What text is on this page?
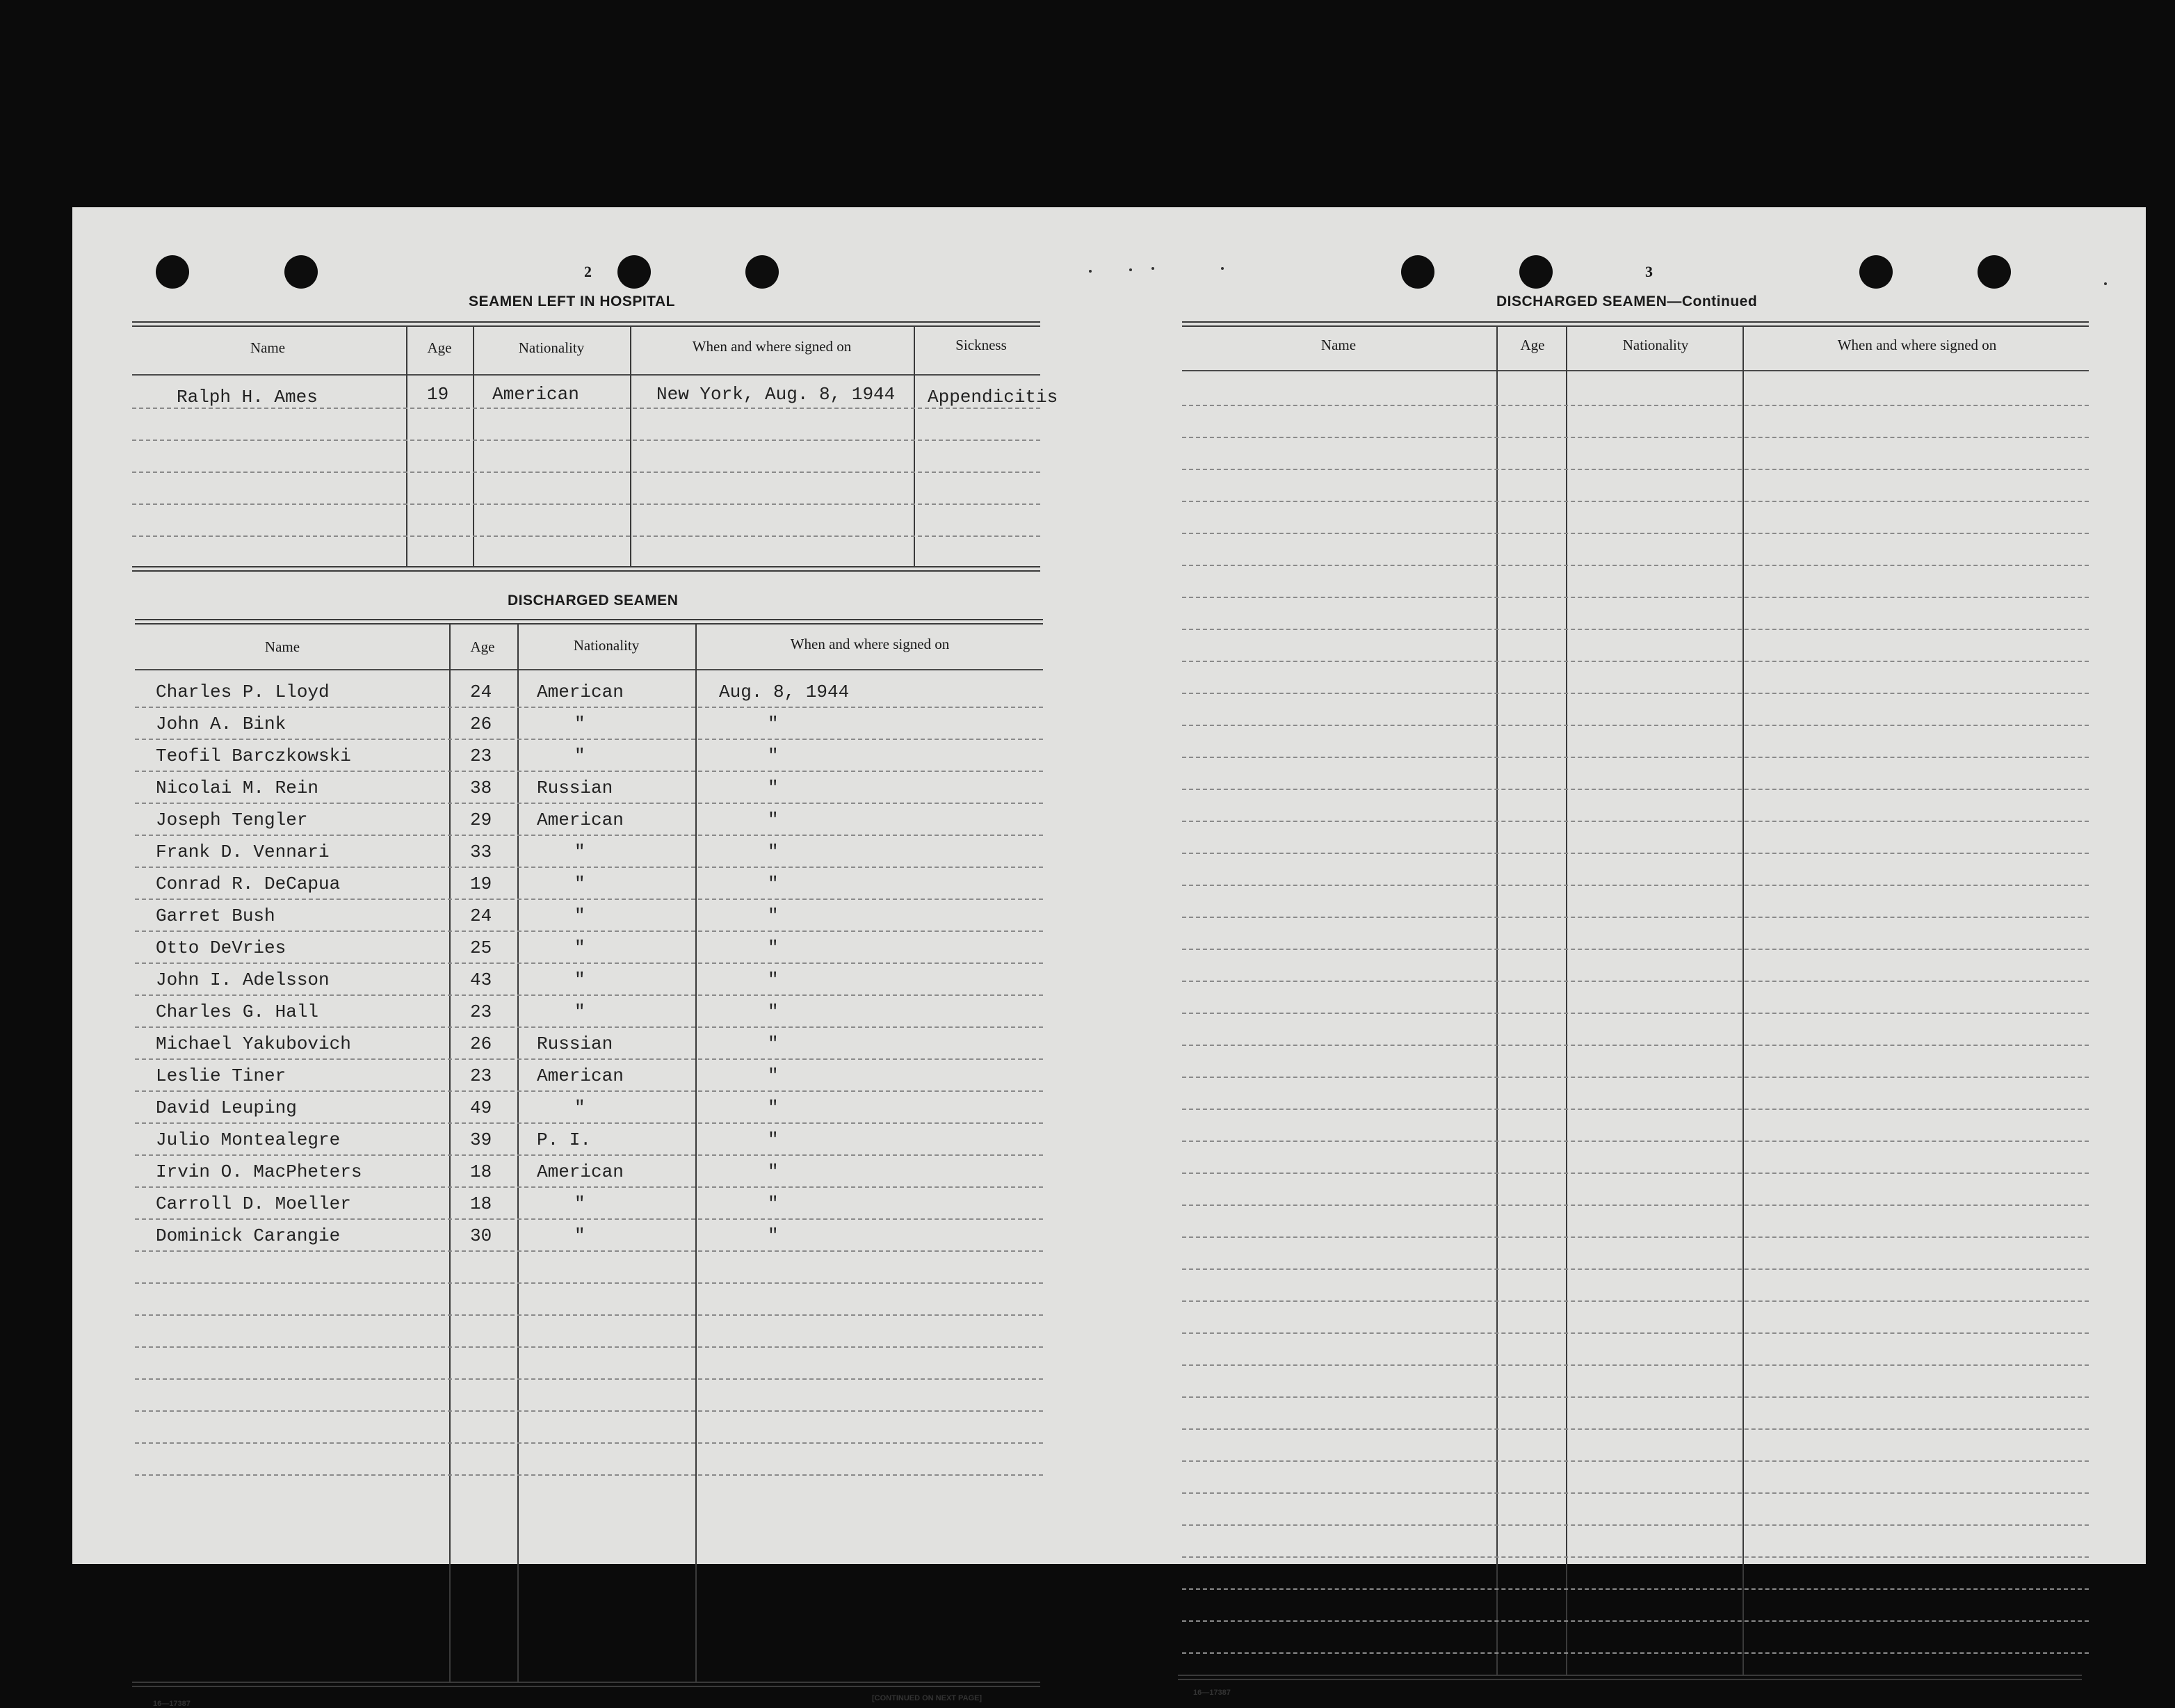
2
SEAMEN LEFT IN HOSPITAL
Name	Age	Nationality	When and where signed on	Sickness
Ralph H. Ames	19 American	New York, Aug. 8, 1944 Appendicitis
DISCHARGED SEAMEN
Name	Age	Nationality	When and where signed on
Charles P. Lloyd	24 American	Aug. 8, 1944
John A. Bink	26	"	"
Teofil Barczkowski	23	"	"
Nicolai M. Rein	38 Russian	"
Joseph Tengler	29 American	"
Frank D. Vennari	33	"	"
Conrad R. DeCapua	19	"	"
Garret Bush	24	"	"
Otto DeVries	25	"	"
John I. Adelsson	43	"	"
Charles G. Hall	23	"	"
Michael Yakubovich	26 Russian	"
Leslie Tiner	23 American	"
David Leuping	49	"	"
Julio Montealegre	39 P. I.	"
Irvin O. MacPheters	18 American	"
Carroll D. Moeller	18	"	"
Dominick Carangie	30	"	"
16—17387
[CONTINUED ON NEXT PAGE]
3
DISCHARGED SEAMEN—Continued
Name	Age	Nationality	When and where signed on
16—17387
